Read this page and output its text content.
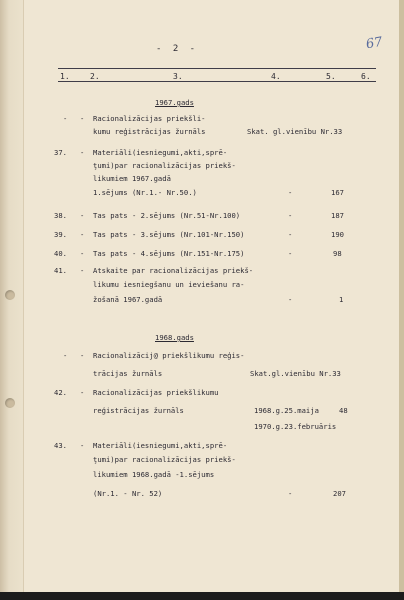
- 2 -	67
1.	2.	3.	4.	5.	6.
1967.gads
- - Racionalizācijas priekšli-
kumu reģistrācijas žurnāls	Skat. gl.vienību Nr.33
37. - Materiāli(iesniegumi,akti,sprē-
ţumi)par racionalizācijas priekš-
likumiem 1967.gadā
1.sējums (Nr.1.- Nr.50.)	-	167
38. - Tas pats - 2.sējums (Nr.51-Nr.100)	-	187
39. - Tas pats - 3.sējums (Nr.101-Nr.150)	-	190
40. - Tas pats - 4.sējums (Nr.151-Nr.175)	-	98
41. - Atskaite par racionalizācijas priekš-
likumu iesniegšanu un ieviešanu ra-
žošanā 1967.gadā	-	1
1968.gads
- - Racionalizācij@ priekšlikumu reģis-
trācijas žurnāls	Skat.gl.vienību Nr.33
42. - Racionalizācijas priekšlikumu
reģistrācijas žurnāls	1968.g.25.maija	48
1970.g.23.februāris
43. - Materiāli(iesniegumi,akti,sprē-
ţumi)par racionalizācijas priekš-
likumiem 1968.gadā -1.sējums
(Nr.1. - Nr. 52)	-	207
